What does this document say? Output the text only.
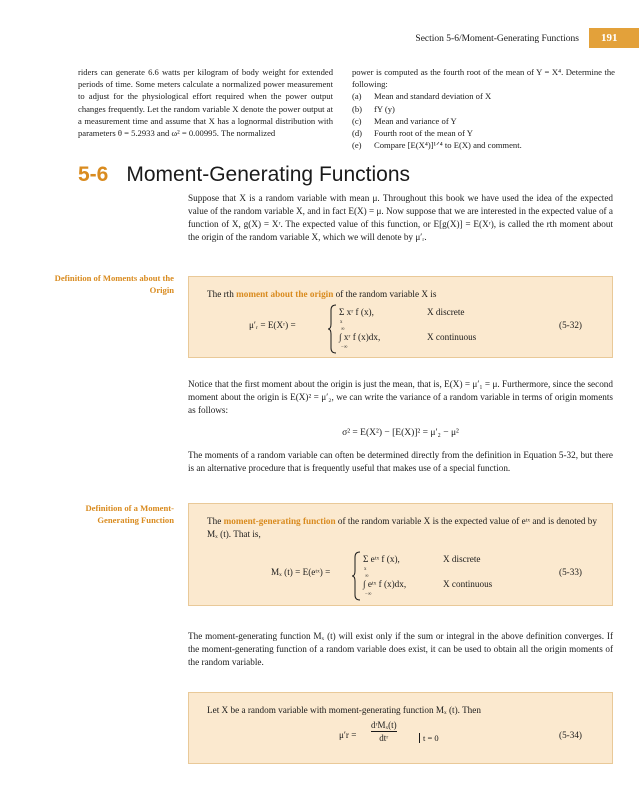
Section 5-6/Moment-Generating Functions 191
riders can generate 6.6 watts per kilogram of body weight for extended periods of time. Some meters calculate a normalized power measurement to adjust for the physiological effort required when the power output changes frequently. Let the random variable X denote the power output at a measurement time and assume that X has a lognormal distribution with parameters θ = 5.2933 and ω² = 0.00995. The normalized
power is computed as the fourth root of the mean of Y = X⁴. Determine the following:
(a)	Mean and standard deviation of X
(b)	fY (y)
(c)	Mean and variance of Y
(d)	Fourth root of the mean of Y
(e)	Compare [E(X⁴)]¹ᐟ⁴ to E(X) and comment.
5-6 Moment-Generating Functions
Suppose that X is a random variable with mean μ. Throughout this book we have used the idea of the expected value of the random variable X, and in fact E(X) = μ. Now suppose that we are interested in the expected value of a function of X, g(X) = Xʳ. The expected value of this function, or E[g(X)] = E(Xʳ), is called the rth moment about the origin of the random variable X, which we will denote by μ′ᵣ.
Definition of Moments about the Origin
Definition of a Moment-Generating Function
The rth moment about the origin of the random variable X is
μ′ᵣ = E(Xʳ) =
Σ xʳ f (x),
x
X discrete
∞
∫ xʳ f (x)dx,
−∞
X continuous
(5-32)
Notice that the first moment about the origin is just the mean, that is, E(X) = μ′₁ = μ. Furthermore, since the second moment about the origin is E(X)² = μ′₂, we can write the variance of a random variable in terms of origin moments as follows:
σ² = E(X²) − [E(X)]² = μ′₂ − μ²
The moments of a random variable can often be determined directly from the definition in Equation 5-32, but there is an alternative procedure that is frequently useful that makes use of a special function.
The moment-generating function of the random variable X is the expected value of eᵗˣ and is denoted by Mₓ (t). That is,
Mₓ (t) = E(eᵗˣ) =
Σ eᵗˣ f (x),
x
X discrete
∞
∫ eᵗˣ f (x)dx,
−∞
X continuous
(5-33)
The moment-generating function Mₓ (t) will exist only if the sum or integral in the above definition converges. If the moment-generating function of a random variable does exist, it can be used to obtain all the origin moments of the random variable.
Let X be a random variable with moment-generating function Mₓ (t). Then
μ′r =
dʳMₓ(t)
dtʳ	t = 0	(5-34)
